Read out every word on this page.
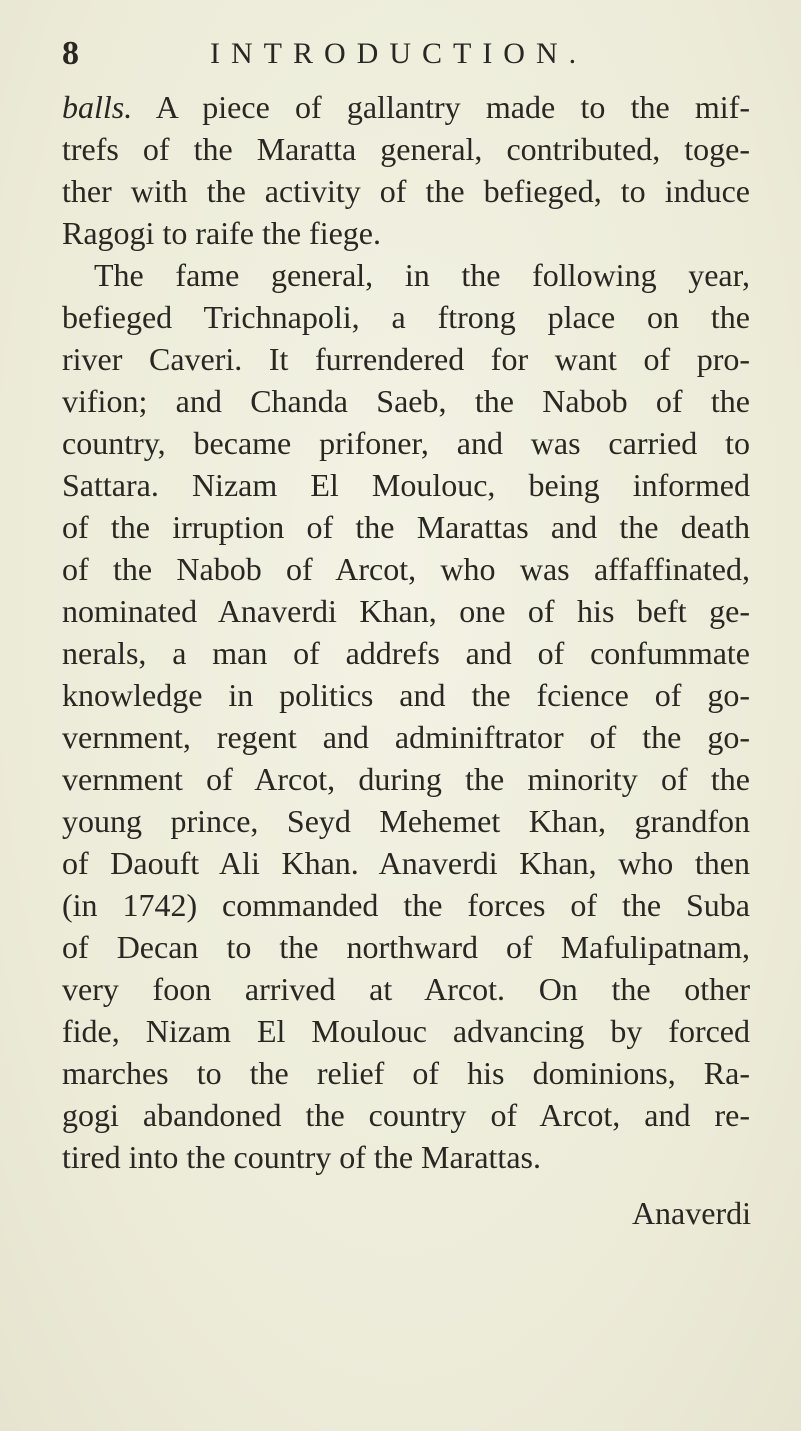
8	INTRODUCTION.
balls. A piece of gallantry made to the mif-
trefs of the Maratta general, contributed, toge-
ther with the activity of the befieged, to induce
Ragogi to raife the fiege.
The fame general, in the following year,
befieged Trichnapoli, a ftrong place on the
river Caveri. It furrendered for want of pro-
vifion; and Chanda Saeb, the Nabob of the
country, became prifoner, and was carried to
Sattara. Nizam El Moulouc, being informed
of the irruption of the Marattas and the death
of the Nabob of Arcot, who was affaffinated,
nominated Anaverdi Khan, one of his beft ge-
nerals, a man of addrefs and of confummate
knowledge in politics and the fcience of go-
vernment, regent and adminiftrator of the go-
vernment of Arcot, during the minority of the
young prince, Seyd Mehemet Khan, grandfon
of Daouft Ali Khan. Anaverdi Khan, who then
(in 1742) commanded the forces of the Suba
of Decan to the northward of Mafulipatnam,
very foon arrived at Arcot. On the other
fide, Nizam El Moulouc advancing by forced
marches to the relief of his dominions, Ra-
gogi abandoned the country of Arcot, and re-
tired into the country of the Marattas.
Anaverdi
